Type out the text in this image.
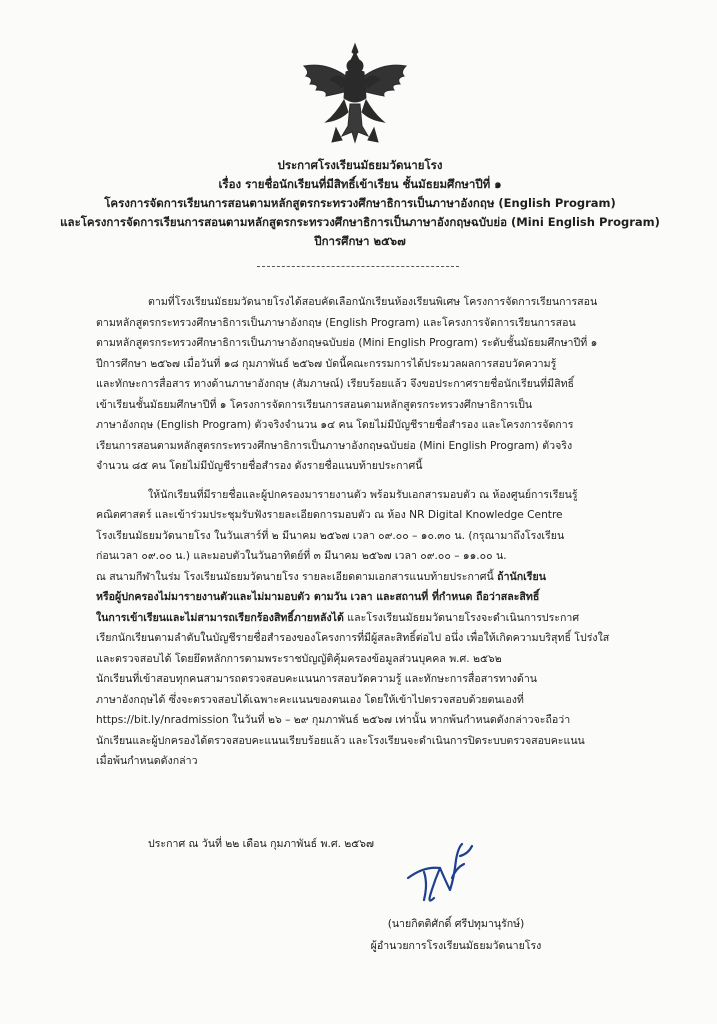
ประกาศโรงเรียนมัธยมวัดนายโรง

เรื่อง รายชื่อนักเรียนที่มีสิทธิ์เข้าเรียน ชั้นมัธยมศึกษาปีที่ ๑

โครงการจัดการเรียนการสอนตามหลักสูตรกระทรวงศึกษาธิการเป็นภาษาอังกฤษ (English Program)

และโครงการจัดการเรียนการสอนตามหลักสูตรกระทรวงศึกษาธิการเป็นภาษาอังกฤษฉบับย่อ (Mini English Program)

ปีการศึกษา ๒๕๖๗

ตามที่โรงเรียนมัธยมวัดนายโรงได้สอบคัดเลือกนักเรียนห้องเรียนพิเศษ โครงการจัดการเรียนการสอน

ตามหลักสูตรกระทรวงศึกษาธิการเป็นภาษาอังกฤษ (English Program) และโครงการจัดการเรียนการสอน

ตามหลักสูตรกระทรวงศึกษาธิการเป็นภาษาอังกฤษฉบับย่อ (Mini English Program) ระดับชั้นมัธยมศึกษาปีที่ ๑

ปีการศึกษา ๒๕๖๗ เมื่อวันที่ ๑๘ กุมภาพันธ์ ๒๕๖๗ บัดนี้คณะกรรมการได้ประมวลผลการสอบวัดความรู้

และทักษะการสื่อสาร ทางด้านภาษาอังกฤษ (สัมภาษณ์) เรียบร้อยแล้ว จึงขอประกาศรายชื่อนักเรียนที่มีสิทธิ์

เข้าเรียนชั้นมัธยมศึกษาปีที่ ๑ โครงการจัดการเรียนการสอนตามหลักสูตรกระทรวงศึกษาธิการเป็น

ภาษาอังกฤษ (English Program) ตัวจริงจำนวน ๑๔ คน โดยไม่มีบัญชีรายชื่อสำรอง และโครงการจัดการ

เรียนการสอนตามหลักสูตรกระทรวงศึกษาธิการเป็นภาษาอังกฤษฉบับย่อ (Mini English Program) ตัวจริง

จำนวน ๘๕ คน โดยไม่มีบัญชีรายชื่อสำรอง ดังรายชื่อแนบท้ายประกาศนี้

ให้นักเรียนที่มีรายชื่อและผู้ปกครองมารายงานตัว พร้อมรับเอกสารมอบตัว ณ ห้องศูนย์การเรียนรู้

คณิตศาสตร์ และเข้าร่วมประชุมรับฟังรายละเอียดการมอบตัว ณ ห้อง NR Digital Knowledge Centre

โรงเรียนมัธยมวัดนายโรง ในวันเสาร์ที่ ๒ มีนาคม ๒๕๖๗ เวลา ๐๙.๐๐ – ๑๐.๓๐ น. (กรุณามาถึงโรงเรียน

ก่อนเวลา ๐๙.๐๐ น.) และมอบตัวในวันอาทิตย์ที่ ๓ มีนาคม ๒๕๖๗ เวลา ๐๙.๐๐ – ๑๑.๐๐ น.

ณ สนามกีฬาในร่ม โรงเรียนมัธยมวัดนายโรง รายละเอียดตามเอกสารแนบท้ายประกาศนี้ ถ้านักเรียน

หรือผู้ปกครองไม่มารายงานตัวและไม่มามอบตัว ตามวัน เวลา และสถานที่ ที่กำหนด ถือว่าสละสิทธิ์

ในการเข้าเรียนและไม่สามารถเรียกร้องสิทธิ์ภายหลังได้ และโรงเรียนมัธยมวัดนายโรงจะดำเนินการประกาศ

เรียกนักเรียนตามลำดับในบัญชีรายชื่อสำรองของโครงการที่มีผู้สละสิทธิ์ต่อไป อนึ่ง เพื่อให้เกิดความบริสุทธิ์ โปร่งใส

และตรวจสอบได้ โดยยึดหลักการตามพระราชบัญญัติคุ้มครองข้อมูลส่วนบุคคล พ.ศ. ๒๕๖๒

นักเรียนที่เข้าสอบทุกคนสามารถตรวจสอบคะแนนการสอบวัดความรู้ และทักษะการสื่อสารทางด้าน

ภาษาอังกฤษได้ ซึ่งจะตรวจสอบได้เฉพาะคะแนนของตนเอง โดยให้เข้าไปตรวจสอบด้วยตนเองที่

https://bit.ly/nradmission ในวันที่ ๒๖ – ๒๙ กุมภาพันธ์ ๒๕๖๗ เท่านั้น หากพ้นกำหนดดังกล่าวจะถือว่า

นักเรียนและผู้ปกครองได้ตรวจสอบคะแนนเรียบร้อยแล้ว และโรงเรียนจะดำเนินการปิดระบบตรวจสอบคะแนน

เมื่อพ้นกำหนดดังกล่าว

ประกาศ ณ วันที่ ๒๒ เดือน กุมภาพันธ์ พ.ศ. ๒๕๖๗
(นายกิตติศักดิ์ ศรีปทุมานุรักษ์)
ผู้อำนวยการโรงเรียนมัธยมวัดนายโรง
